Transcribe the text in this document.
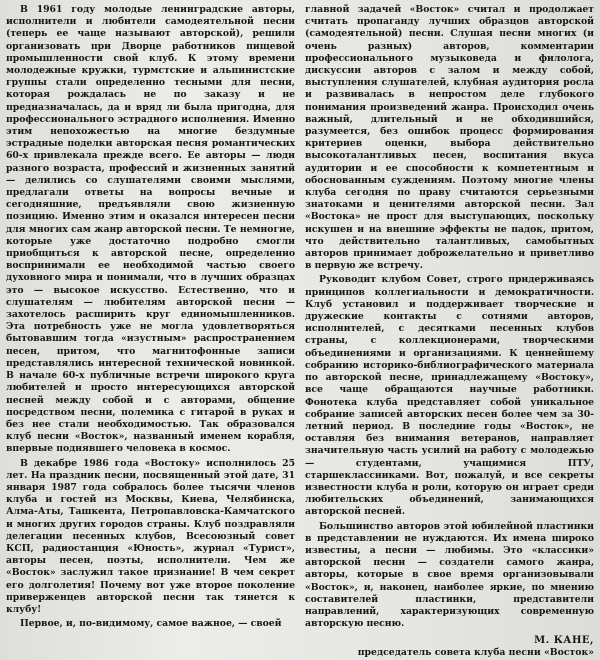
В 1961 году молодые ленинградские авторы, исполнители и любители самодеятельной песни (теперь ее чаще называют авторской), решили организовать при Дворце работников пищевой промышленности свой клуб. К этому времени молодежные кружки, турмстские и альпинистские группы стали определенно тесными для песни, которая рождалась не по заказу и не предназначалась, да и вряд ли была пригодна, для профессионального эстрадного исполнения. Именно этим непохожестью на многие бездумные эстрадные поделки авторская песня романтических 60-х привлекала прежде всего. Ее авторы — люди разного возраста, профессий и жизненных занятий — делились со слушателями своими мыслями, предлагали ответы на вопросы вечные и сегодняшние, предъявляли свою жизненную позицию. Именно этим и оказался интересен песни для многих сам жанр авторской песни. Те немногие, которые уже достаточно подробно смогли приобщиться к авторской песне, определенно воспринимали ее необходимой частью своего духовного мира и понимали, что в лучших образцах это — высокое искусство. Естественно, что и слушателям — любителям авторской песни — захотелось расширить круг единомышленников. Эта потребность уже не могла удовлетворяться бытовавшим тогда «изустным» распространением песен, притом, что магнитофонные записи представлялись интересной технической новинкой. В начале 60-х публичные встречи широкого круга любителей и просто интересующихся авторской песней между собой и с авторами, общение посредством песни, полемика с гитарой в руках и без нее стали необходимостью. Так образовался клуб песни «Восток», названный именем корабля, впервые поднявшего человека в космос.

В декабре 1986 года «Востоку» исполнилось 25 лет. На праздник песни, посвященный этой дате, 31 января 1987 года собралось более тысячи членов клуба и гостей из Москвы, Киева, Челябинска, Алма-Аты, Ташкента, Петропавловска-Камчатского и многих других городов страны. Клуб поздравляли делегации песенных клубов, Всесоюзный совет КСП, радиостанция «Юность», журнал «Турист», авторы песен, поэты, исполнители. Чем же «Восток» заслужил такое признание! В чем секрет его долголетия! Почему вот уже второе поколение приверженцев авторской песни так тянется к клубу!

Первое, и, по-видимому, самое важное, — своей

главной задачей «Восток» считал и продолжает считать пропаганду лучших образцов авторской (самодеятельной) песни. Слушая песни многих (и очень разных) авторов, комментарии профессионального музыковеда и филолога, дискуссии авторов с залом и между собой, выступления слушателей, клубная аудитория росла и развивалась в непростом деле глубокого понимания произведений жанра. Происходил очень важный, длительный и не обходившийся, разумеется, без ошибок процесс формирования критериев оценки, выбора действительно высокоталантливых песен, воспитания вкуса аудитории и ее способности к компетентным и обоснованным суждениям. Поэтому многие члены клуба сегодня по праву считаются серьезными знатоками и ценителями авторской песни. Зал «Востока» не прост для выступающих, поскольку искушен и на внешние эффекты не падок, притом, что действительно талантливых, самобытных авторов принимает доброжелательно и приветливо в первую же встречу.

Руководит клубом Совет, строго придерживаясь принципов коллегиальности и демократичности. Клуб установил и поддерживает творческие и дружеские контакты с сотнями авторов, исполнителей, с десятками песенных клубов страны, с коллекционерами, творческими объединениями и организациями. К ценнейшему собранию историко-библиографического материала по авторской песне, принадлежащему «Востоку», все чаще обращаются научные работники. Фонотека клуба представляет собой уникальное собрание записей авторских песен более чем за 30-летний период. В последние годы «Восток», не оставляя без внимания ветеранов, направляет значительную часть усилий на работу с молодежью — студентами, учащимися ПТУ, старшеклассниками. Вот, пожалуй, и все секреты известности клуба и роли, которую он играет среди любительских объединений, занимающихся авторской песней.

Большинство авторов этой юбилейной пластинки в представлении не нуждаются. Их имена широко известны, а песни — любимы. Это «классики» авторской песни — создатели самого жанра, авторы, которые в свое время организовывали «Восток», и, наконец, наиболее яркие, по мнению составителей пластинки, представители направлений, характеризующих современную авторскую песню.

М. КАНЕ,
председатель совета клуба песни «Восток»
